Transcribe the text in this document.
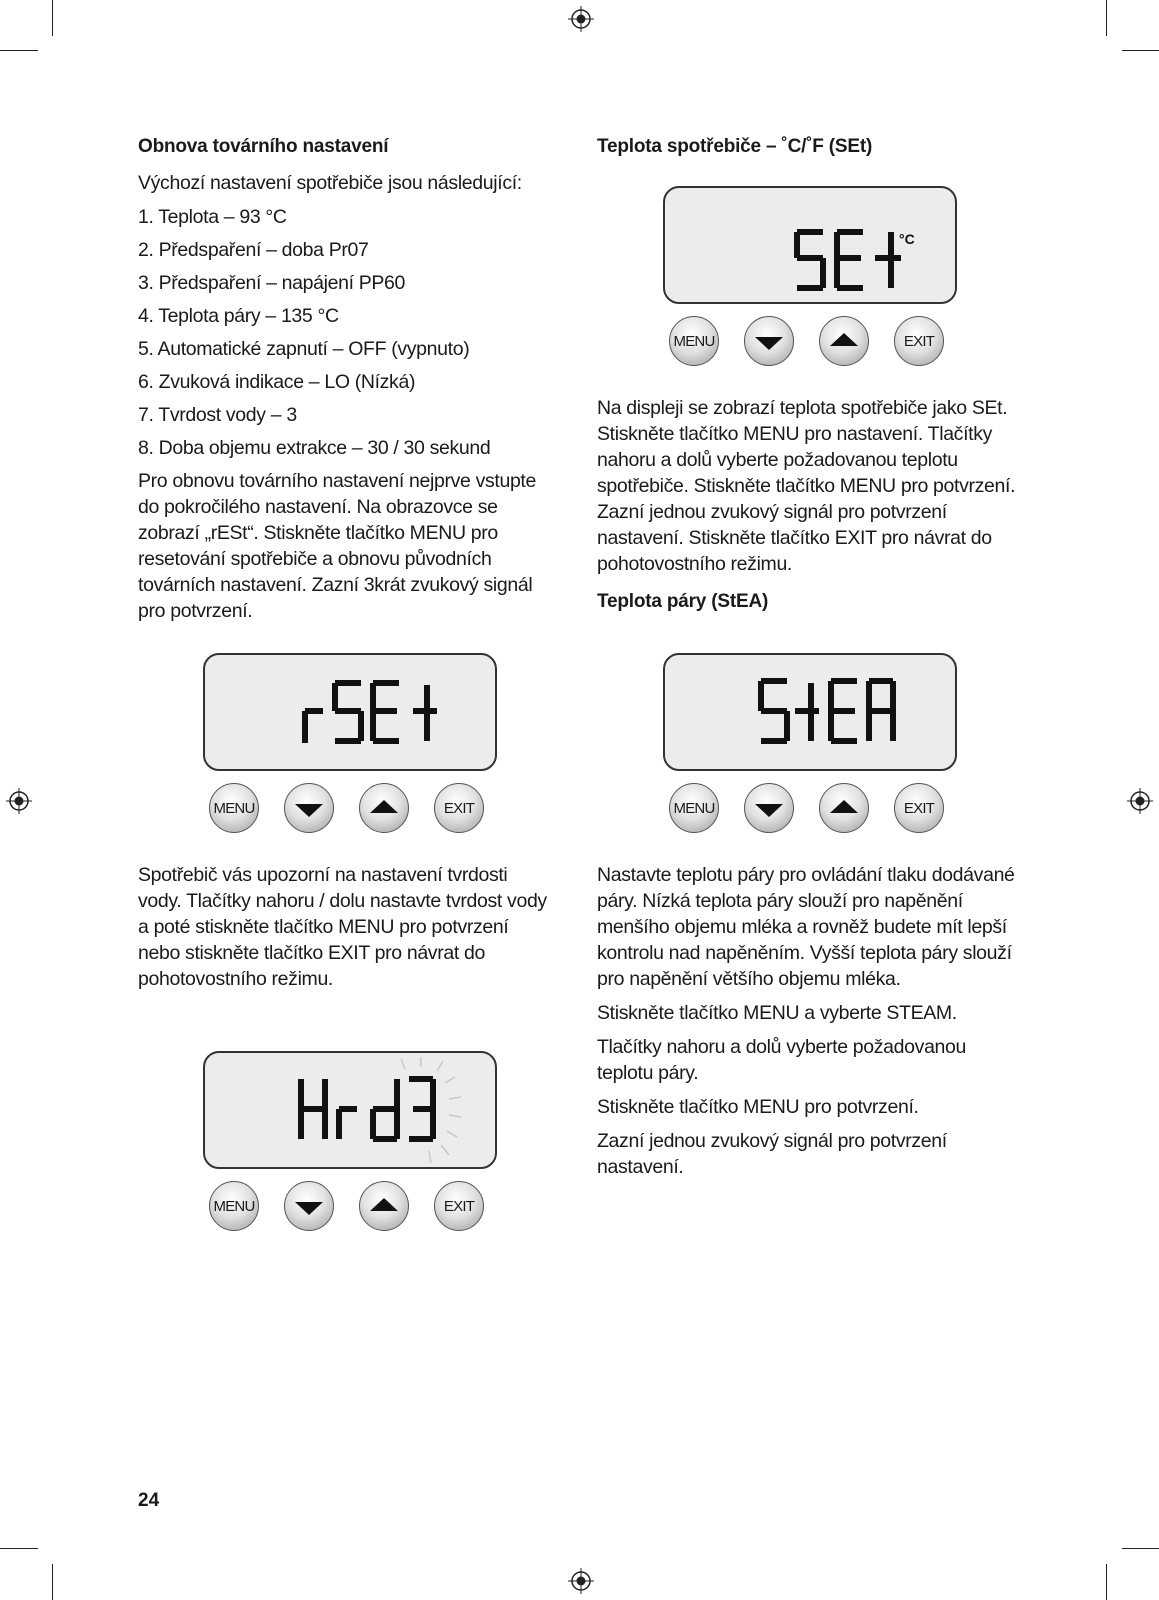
Obnova továrního nastavení

Výchozí nastavení spotřebiče jsou následující:

1. Teplota – 93 °C
2. Předspaření – doba Pr07
3. Předspaření – napájení PP60
4. Teplota páry – 135 °C
5. Automatické zapnutí – OFF (vypnuto)
6. Zvuková indikace – LO (Nízká)
7. Tvrdost vody – 3
8. Doba objemu extrakce – 30 / 30 sekund

Pro obnovu továrního nastavení nejprve vstupte do pokročilého nastavení. Na obrazovce se zobrazí „rESt“. Stiskněte tlačítko MENU pro resetování spotřebiče a obnovu původních továrních nastavení. Zazní 3krát zvukový signál pro potvrzení.

MENU	EXIT

Spotřebič vás upozorní na nastavení tvrdosti vody. Tlačítky nahoru / dolu nastavte tvrdost vody a poté stiskněte tlačítko MENU pro potvrzení nebo stiskněte tlačítko EXIT pro návrat do pohotovostního režimu.

MENU	EXIT
Teplota spotřebiče – ˚C/˚F (SEt)
°C
MENU	EXIT

Na displeji se zobrazí teplota spotřebiče jako SEt. Stiskněte tlačítko MENU pro nastavení. Tlačítky nahoru a dolů vyberte požadovanou teplotu spotřebiče. Stiskněte tlačítko MENU pro potvrzení. Zazní jednou zvukový signál pro potvrzení nastavení. Stiskněte tlačítko EXIT pro návrat do pohotovostního režimu.

Teplota páry (StEA)
MENU	EXIT

Nastavte teplotu páry pro ovládání tlaku dodávané páry. Nízká teplota páry slouží pro napěnění menšího objemu mléka a rovněž budete mít lepší kontrolu nad napěněním. Vyšší teplota páry slouží pro napěnění většího objemu mléka.

Stiskněte tlačítko MENU a vyberte STEAM.

Tlačítky nahoru a dolů vyberte požadovanou teplotu páry.

Stiskněte tlačítko MENU pro potvrzení.

Zazní jednou zvukový signál pro potvrzení nastavení.

24
